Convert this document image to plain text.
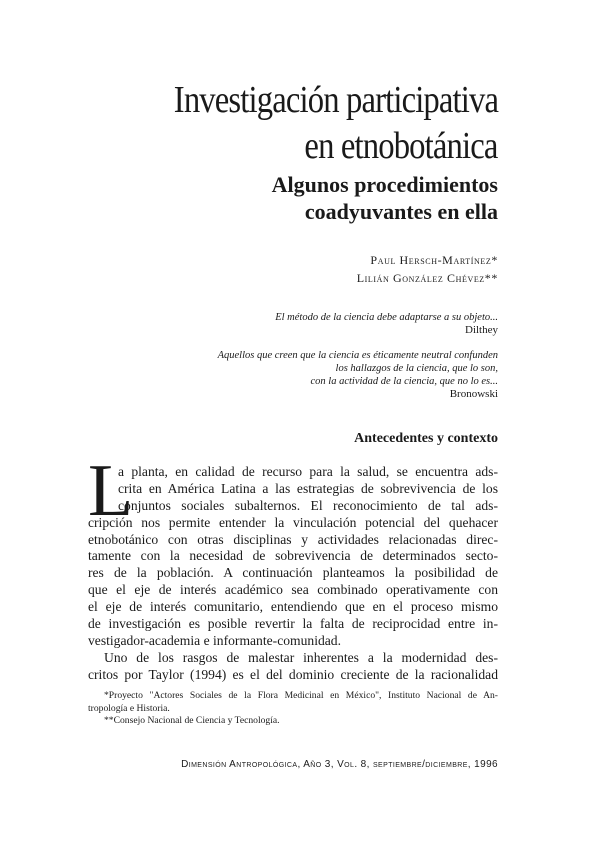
Investigación participativa
en etnobotánica
Algunos procedimientos
coadyuvantes en ella
Paul Hersch-Martínez*
Lilián González Chévez**
El método de la ciencia debe adaptarse a su objeto...
Dilthey
Aquellos que creen que la ciencia es éticamente neutral confunden
los hallazgos de la ciencia, que lo son,
con la actividad de la ciencia, que no lo es...
Bronowski
Antecedentes y contexto
L
a planta, en calidad de recurso para la salud, se encuentra ads-
crita en América Latina a las estrategias de sobrevivencia de los
conjuntos sociales subalternos. El reconocimiento de tal ads-
cripción nos permite entender la vinculación potencial del quehacer
etnobotánico con otras disciplinas y actividades relacionadas direc-
tamente con la necesidad de sobrevivencia de determinados secto-
res de la población. A continuación planteamos la posibilidad de
que el eje de interés académico sea combinado operativamente con
el eje de interés comunitario, entendiendo que en el proceso mismo
de investigación es posible revertir la falta de reciprocidad entre in-
vestigador-academia e informante-comunidad.
Uno de los rasgos de malestar inherentes a la modernidad des-
critos por Taylor (1994) es el del dominio creciente de la racionalidad
*Proyecto "Actores Sociales de la Flora Medicinal en México", Instituto Nacional de An-
tropología e Historia.
**Consejo Nacional de Ciencia y Tecnología.
Dimensión Antropológica, Año 3, Vol. 8, septiembre/diciembre, 1996
